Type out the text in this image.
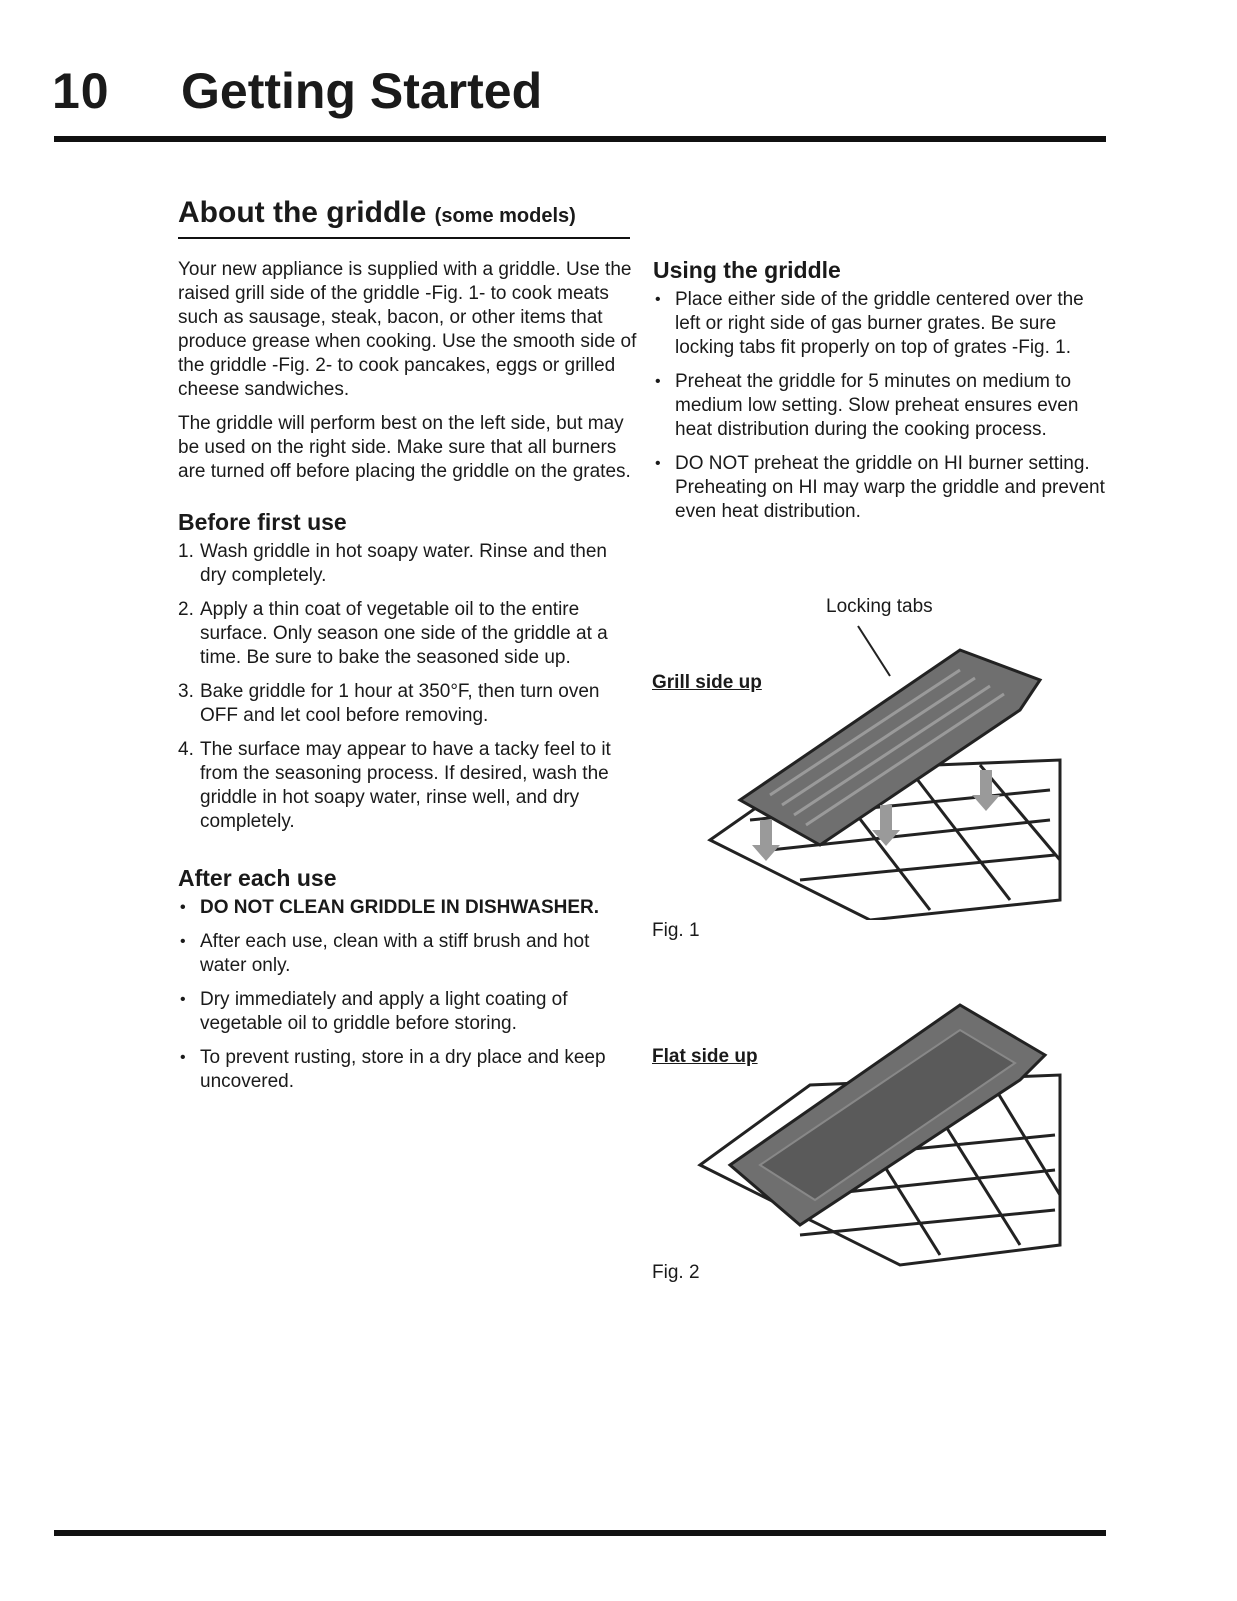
10 Getting Started
About the griddle (some models)

Your new appliance is supplied with a griddle. Use the raised grill side of the griddle -Fig. 1- to cook meats such as sausage, steak, bacon, or other items that produce grease when cooking. Use the smooth side of the griddle -Fig. 2- to cook pancakes, eggs or grilled cheese sandwiches.

The griddle will perform best on the left side, but may be used on the right side. Make sure that all burners are turned off before placing the griddle on the grates.

Before first use
1. Wash griddle in hot soapy water. Rinse and then dry completely.
2. Apply a thin coat of vegetable oil to the entire surface. Only season one side of the griddle at a time. Be sure to bake the seasoned side up.
3. Bake griddle for 1 hour at 350°F, then turn oven OFF and let cool before removing.
4. The surface may appear to have a tacky feel to it from the seasoning process. If desired, wash the griddle in hot soapy water, rinse well, and dry completely.
After each use
• DO NOT CLEAN GRIDDLE IN DISHWASHER.
• After each use, clean with a stiff brush and hot water only.
• Dry immediately and apply a light coating of vegetable oil to griddle before storing.
• To prevent rusting, store in a dry place and keep uncovered.
Using the griddle
• Place either side of the griddle centered over the left or right side of gas burner grates. Be sure locking tabs fit properly on top of grates -Fig. 1.
• Preheat the griddle for 5 minutes on medium to medium low setting. Slow preheat ensures even heat distribution during the cooking process.
• DO NOT preheat the griddle on HI burner setting. Preheating on HI may warp the griddle and prevent even heat distribution.
Locking tabs
Grill side up
Fig. 1
Flat side up
Fig. 2
